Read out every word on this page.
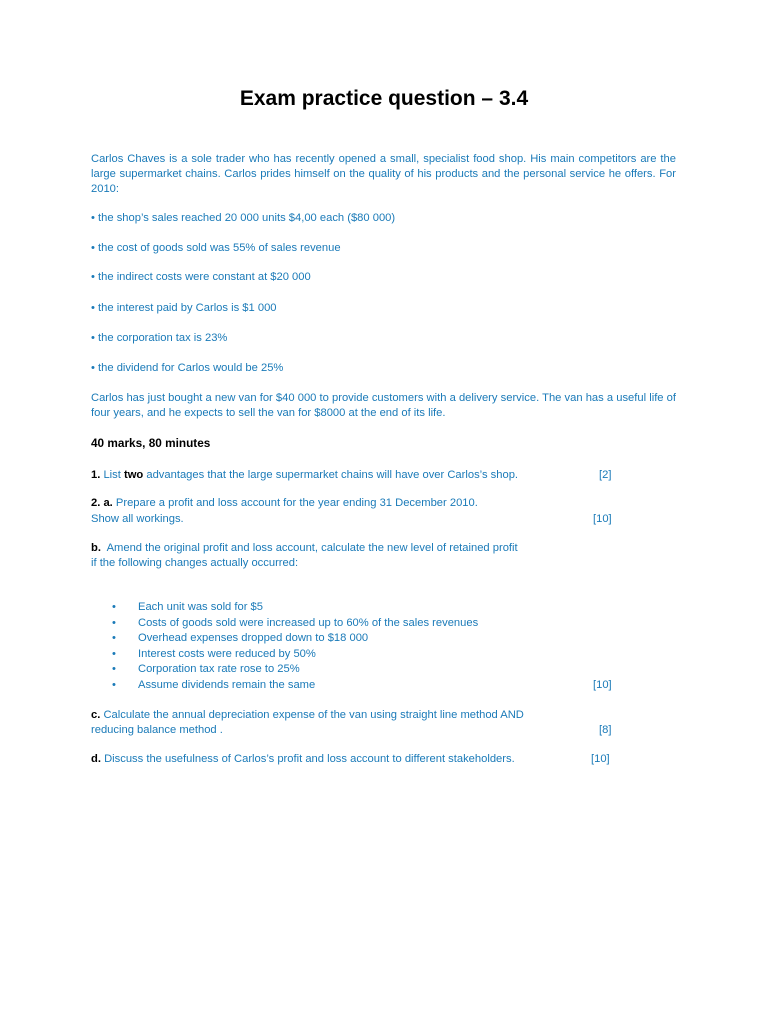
Exam practice question – 3.4
Carlos Chaves is a sole trader who has recently opened a small, specialist food shop. His main competitors are the large supermarket chains. Carlos prides himself on the quality of his products and the personal service he offers. For 2010:
• the shop’s sales reached 20 000 units $4,00 each ($80 000)
• the cost of goods sold was 55% of sales revenue
• the indirect costs were constant at $20 000
• the interest paid by Carlos is $1 000
• the corporation tax is 23%
• the dividend for Carlos would be 25%
Carlos has just bought a new van for $40 000 to provide customers with a delivery service. The van has a useful life of four years, and he expects to sell the van for $8000 at the end of its life.
40 marks, 80 minutes
1. List two advantages that the large supermarket chains will have over Carlos’s shop.	[2]
2. a. Prepare a profit and loss account for the year ending 31 December 2010.
Show all workings.	[10]
b. Amend the original profit and loss account, calculate the new level of retained profit
if the following changes actually occurred:
• Each unit was sold for $5
• Costs of goods sold were increased up to 60% of the sales revenues
• Overhead expenses dropped down to $18 000
• Interest costs were reduced by 50%
• Corporation tax rate rose to 25%
• Assume dividends remain the same	[10]
c. Calculate the annual depreciation expense of the van using straight line method AND
reducing balance method .	[8]
d. Discuss the usefulness of Carlos’s profit and loss account to different stakeholders.	[10]
